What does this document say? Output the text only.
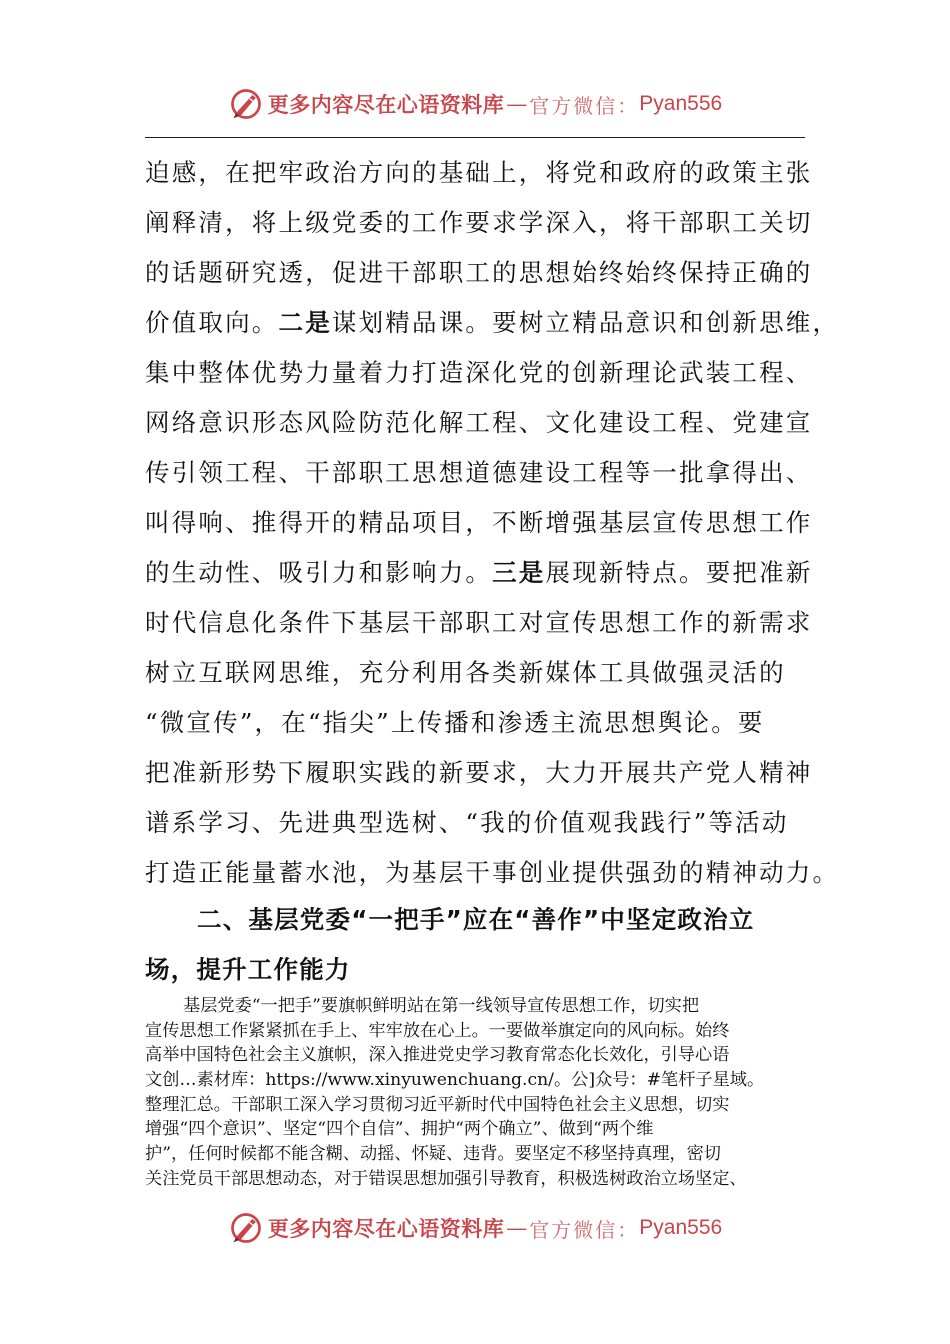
更多内容尽在心语资料库 — 官方微信： Pyan556
迫感，在把牢政治方向的基础上，将党和政府的政策主张
阐释清，将上级党委的工作要求学深入，将干部职工关切
的话题研究透，促进干部职工的思想始终始终保持正确的
价值取向。二是谋划精品课。要树立精品意识和创新思维，
集中整体优势力量着力打造深化党的创新理论武装工程、
网络意识形态风险防范化解工程、文化建设工程、党建宣
传引领工程、干部职工思想道德建设工程等一批拿得出、
叫得响、推得开的精品项目，不断增强基层宣传思想工作
的生动性、吸引力和影响力。三是展现新特点。要把准新
时代信息化条件下基层干部职工对宣传思想工作的新需求
树立互联网思维，充分利用各类新媒体工具做强灵活的
“微宣传”，在“指尖”上传播和渗透主流思想舆论。要
把准新形势下履职实践的新要求，大力开展共产党人精神
谱系学习、先进典型选树、“我的价值观我践行”等活动
打造正能量蓄水池，为基层干事创业提供强劲的精神动力。
二、基层党委“一把手”应在“善作”中坚定政治立
场，提升工作能力
基层党委“一把手”要旗帜鲜明站在第一线领导宣传思想工作，切实把
宣传思想工作紧紧抓在手上、牢牢放在心上。一要做举旗定向的风向标。始终
高举中国特色社会主义旗帜，深入推进党史学习教育常态化长效化，引导心语
文创…素材库：https://www.xinyuwenchuang.cn/。公]众号：#笔杆子星域。
整理汇总。干部职工深入学习贯彻习近平新时代中国特色社会主义思想，切实
增强“四个意识”、坚定“四个自信”、拥护“两个确立”、做到“两个维
护”，任何时候都不能含糊、动摇、怀疑、违背。要坚定不移坚持真理，密切
关注党员干部思想动态，对于错误思想加强引导教育，积极选树政治立场坚定、
更多内容尽在心语资料库 — 官方微信： Pyan556
